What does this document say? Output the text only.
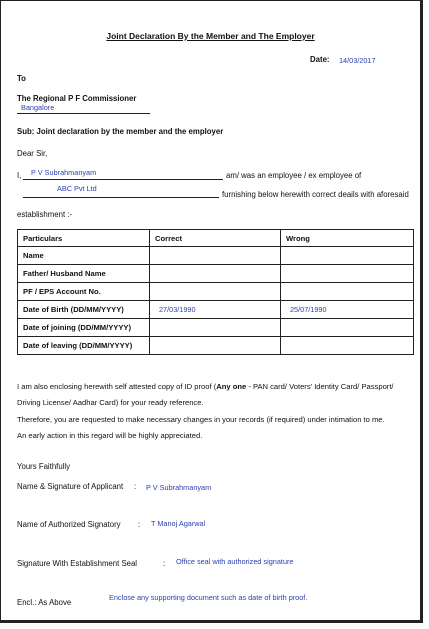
Joint Declaration By the Member and The Employer
Date: 14/03/2017
To
The Regional P F Commissioner
Bangalore
Sub: Joint declaration by the member and the employer
Dear Sir,
I, P V Subrahmanyam	am/ was an employee / ex employee of
ABC Pvt Ltd
furnishing below herewith correct deails with aforesaid
establishment :-
Particulars	Correct	Wrong
Name		
Father/ Husband Name		
PF / EPS Account No.		
Date of Birth (DD/MM/YYYY)	27/03/1990	25/07/1990
Date of joining (DD/MM/YYYY)		
Date of leaving (DD/MM/YYYY)		
I am also enclosing herewith self attested copy of ID proof (Any one - PAN card/ Voters' Identity Card/ Passport/
Driving License/ Aadhar Card) for your ready reference.
Therefore, you are requested to make necessary changes in your records (if required) under intimation to me.
An early action in this regard will be highly appreciated.
Yours Faithfully
Name & Signature of Applicant : P V Subrahmanyam
Name of Authorized Signatory : T Manoj Agarwal
Signature With Establishment Seal	: Office seal with authorized signature
Encl.: As Above
Enclose any supporting document such as date of birth proof.
